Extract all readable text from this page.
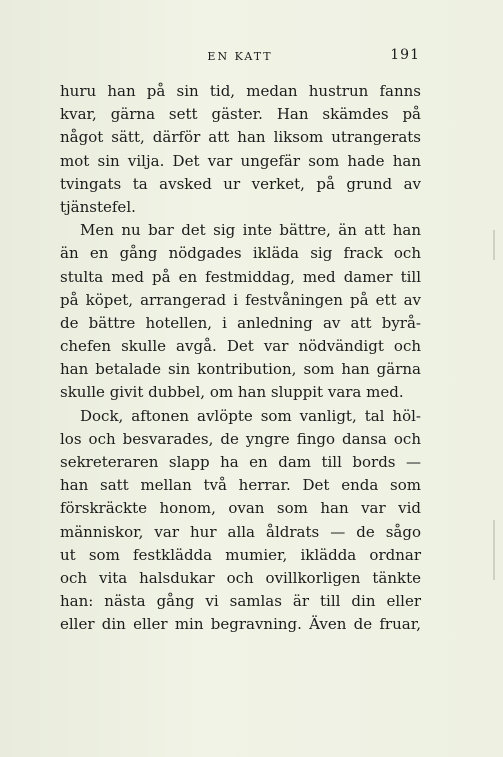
EN KATT	191
huru han på sin tid, medan hustrun fanns
kvar, gärna sett gäster. Han skämdes på
något sätt, därför att han liksom utrangerats
mot sin vilja. Det var ungefär som hade han
tvingats ta avsked ur verket, på grund av
tjänstefel.
Men nu bar det sig inte bättre, än att han
än en gång nödgades ikläda sig frack och
stulta med på en festmiddag, med damer till
på köpet, arrangerad i festvåningen på ett av
de bättre hotellen, i anledning av att byrå-
chefen skulle avgå. Det var nödvändigt och
han betalade sin kontribution, som han gärna
skulle givit dubbel, om han sluppit vara med.
Dock, aftonen avlöpte som vanligt, tal höl-
los och besvarades, de yngre fingo dansa och
sekreteraren slapp ha en dam till bords —
han satt mellan två herrar. Det enda som
förskräckte honom, ovan som han var vid
människor, var hur alla åldrats — de sågo
ut som festklädda mumier, iklädda ordnar
och vita halsdukar och ovillkorligen tänkte
han: nästa gång vi samlas är till din eller
eller din eller min begravning. Även de fruar,
